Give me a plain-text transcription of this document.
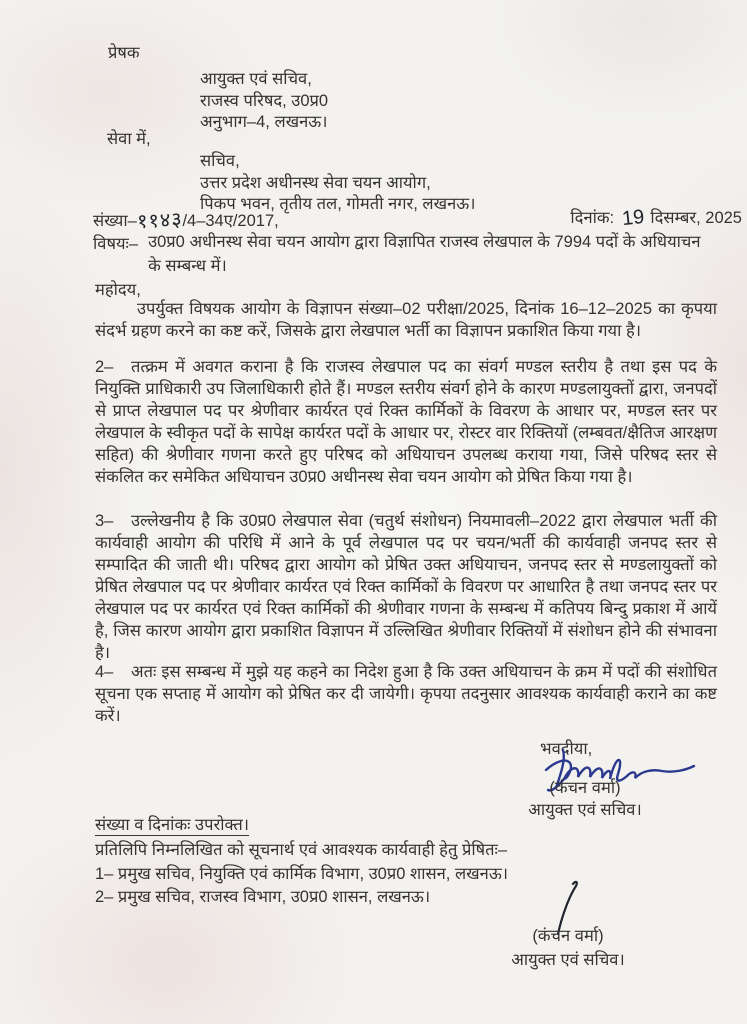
प्रेषक
आयुक्त एवं सचिव,
राजस्व परिषद, उ0प्र0
अनुभाग–4, लखनऊ।
सेवा में,
सचिव,
उत्तर प्रदेश अधीनस्थ सेवा चयन आयोग,
पिकप भवन, तृतीय तल, गोमती नगर, लखनऊ।
संख्या–११४३/4–34ए/2017,	दिनांक: 19 दिसम्बर, 2025
विषयः– उ0प्र0 अधीनस्थ सेवा चयन आयोग द्वारा विज्ञापित राजस्व लेखपाल के 7994 पदों के अधियाचन के सम्बन्ध में।
महोदय,
उपर्युक्त विषयक आयोग के विज्ञापन संख्या–02 परीक्षा/2025, दिनांक 16–12–2025 का कृपया संदर्भ ग्रहण करने का कष्ट करें, जिसके द्वारा लेखपाल भर्ती का विज्ञापन प्रकाशित किया गया है।
2– तत्क्रम में अवगत कराना है कि राजस्व लेखपाल पद का संवर्ग मण्डल स्तरीय है तथा इस पद के नियुक्ति प्राधिकारी उप जिलाधिकारी होते हैं। मण्डल स्तरीय संवर्ग होने के कारण मण्डलायुक्तों द्वारा, जनपदों से प्राप्त लेखपाल पद पर श्रेणीवार कार्यरत एवं रिक्त कार्मिकों के विवरण के आधार पर, मण्डल स्तर पर लेखपाल के स्वीकृत पदों के सापेक्ष कार्यरत पदों के आधार पर, रोस्टर वार रिक्तियों (लम्बवत/क्षैतिज आरक्षण सहित) की श्रेणीवार गणना करते हुए परिषद को अधियाचन उपलब्ध कराया गया, जिसे परिषद स्तर से संकलित कर समेकित अधियाचन उ0प्र0 अधीनस्थ सेवा चयन आयोग को प्रेषित किया गया है।
3– उल्लेखनीय है कि उ0प्र0 लेखपाल सेवा (चतुर्थ संशोधन) नियमावली–2022 द्वारा लेखपाल भर्ती की कार्यवाही आयोग की परिधि में आने के पूर्व लेखपाल पद पर चयन/भर्ती की कार्यवाही जनपद स्तर से सम्पादित की जाती थी। परिषद द्वारा आयोग को प्रेषित उक्त अधियाचन, जनपद स्तर से मण्डलायुक्तों को प्रेषित लेखपाल पद पर श्रेणीवार कार्यरत एवं रिक्त कार्मिकों के विवरण पर आधारित है तथा जनपद स्तर पर लेखपाल पद पर कार्यरत एवं रिक्त कार्मिकों की श्रेणीवार गणना के सम्बन्ध में कतिपय बिन्दु प्रकाश में आयें है, जिस कारण आयोग द्वारा प्रकाशित विज्ञापन में उल्लिखित श्रेणीवार रिक्तियों में संशोधन होने की संभावना है।
4– अतः इस सम्बन्ध में मुझे यह कहने का निदेश हुआ है कि उक्त अधियाचन के क्रम में पदों की संशोधित सूचना एक सप्ताह में आयोग को प्रेषित कर दी जायेगी। कृपया तदनुसार आवश्यक कार्यवाही कराने का कष्ट करें।
भवदीया,
(कंचन वर्मा)
आयुक्त एवं सचिव।
संख्या व दिनांकः उपरोक्त।
प्रतिलिपि निम्नलिखित को सूचनार्थ एवं आवश्यक कार्यवाही हेतु प्रेषितः–
1– प्रमुख सचिव, नियुक्ति एवं कार्मिक विभाग, उ0प्र0 शासन, लखनऊ।
2– प्रमुख सचिव, राजस्व विभाग, उ0प्र0 शासन, लखनऊ।
(कंचन वर्मा)
आयुक्त एवं सचिव।
